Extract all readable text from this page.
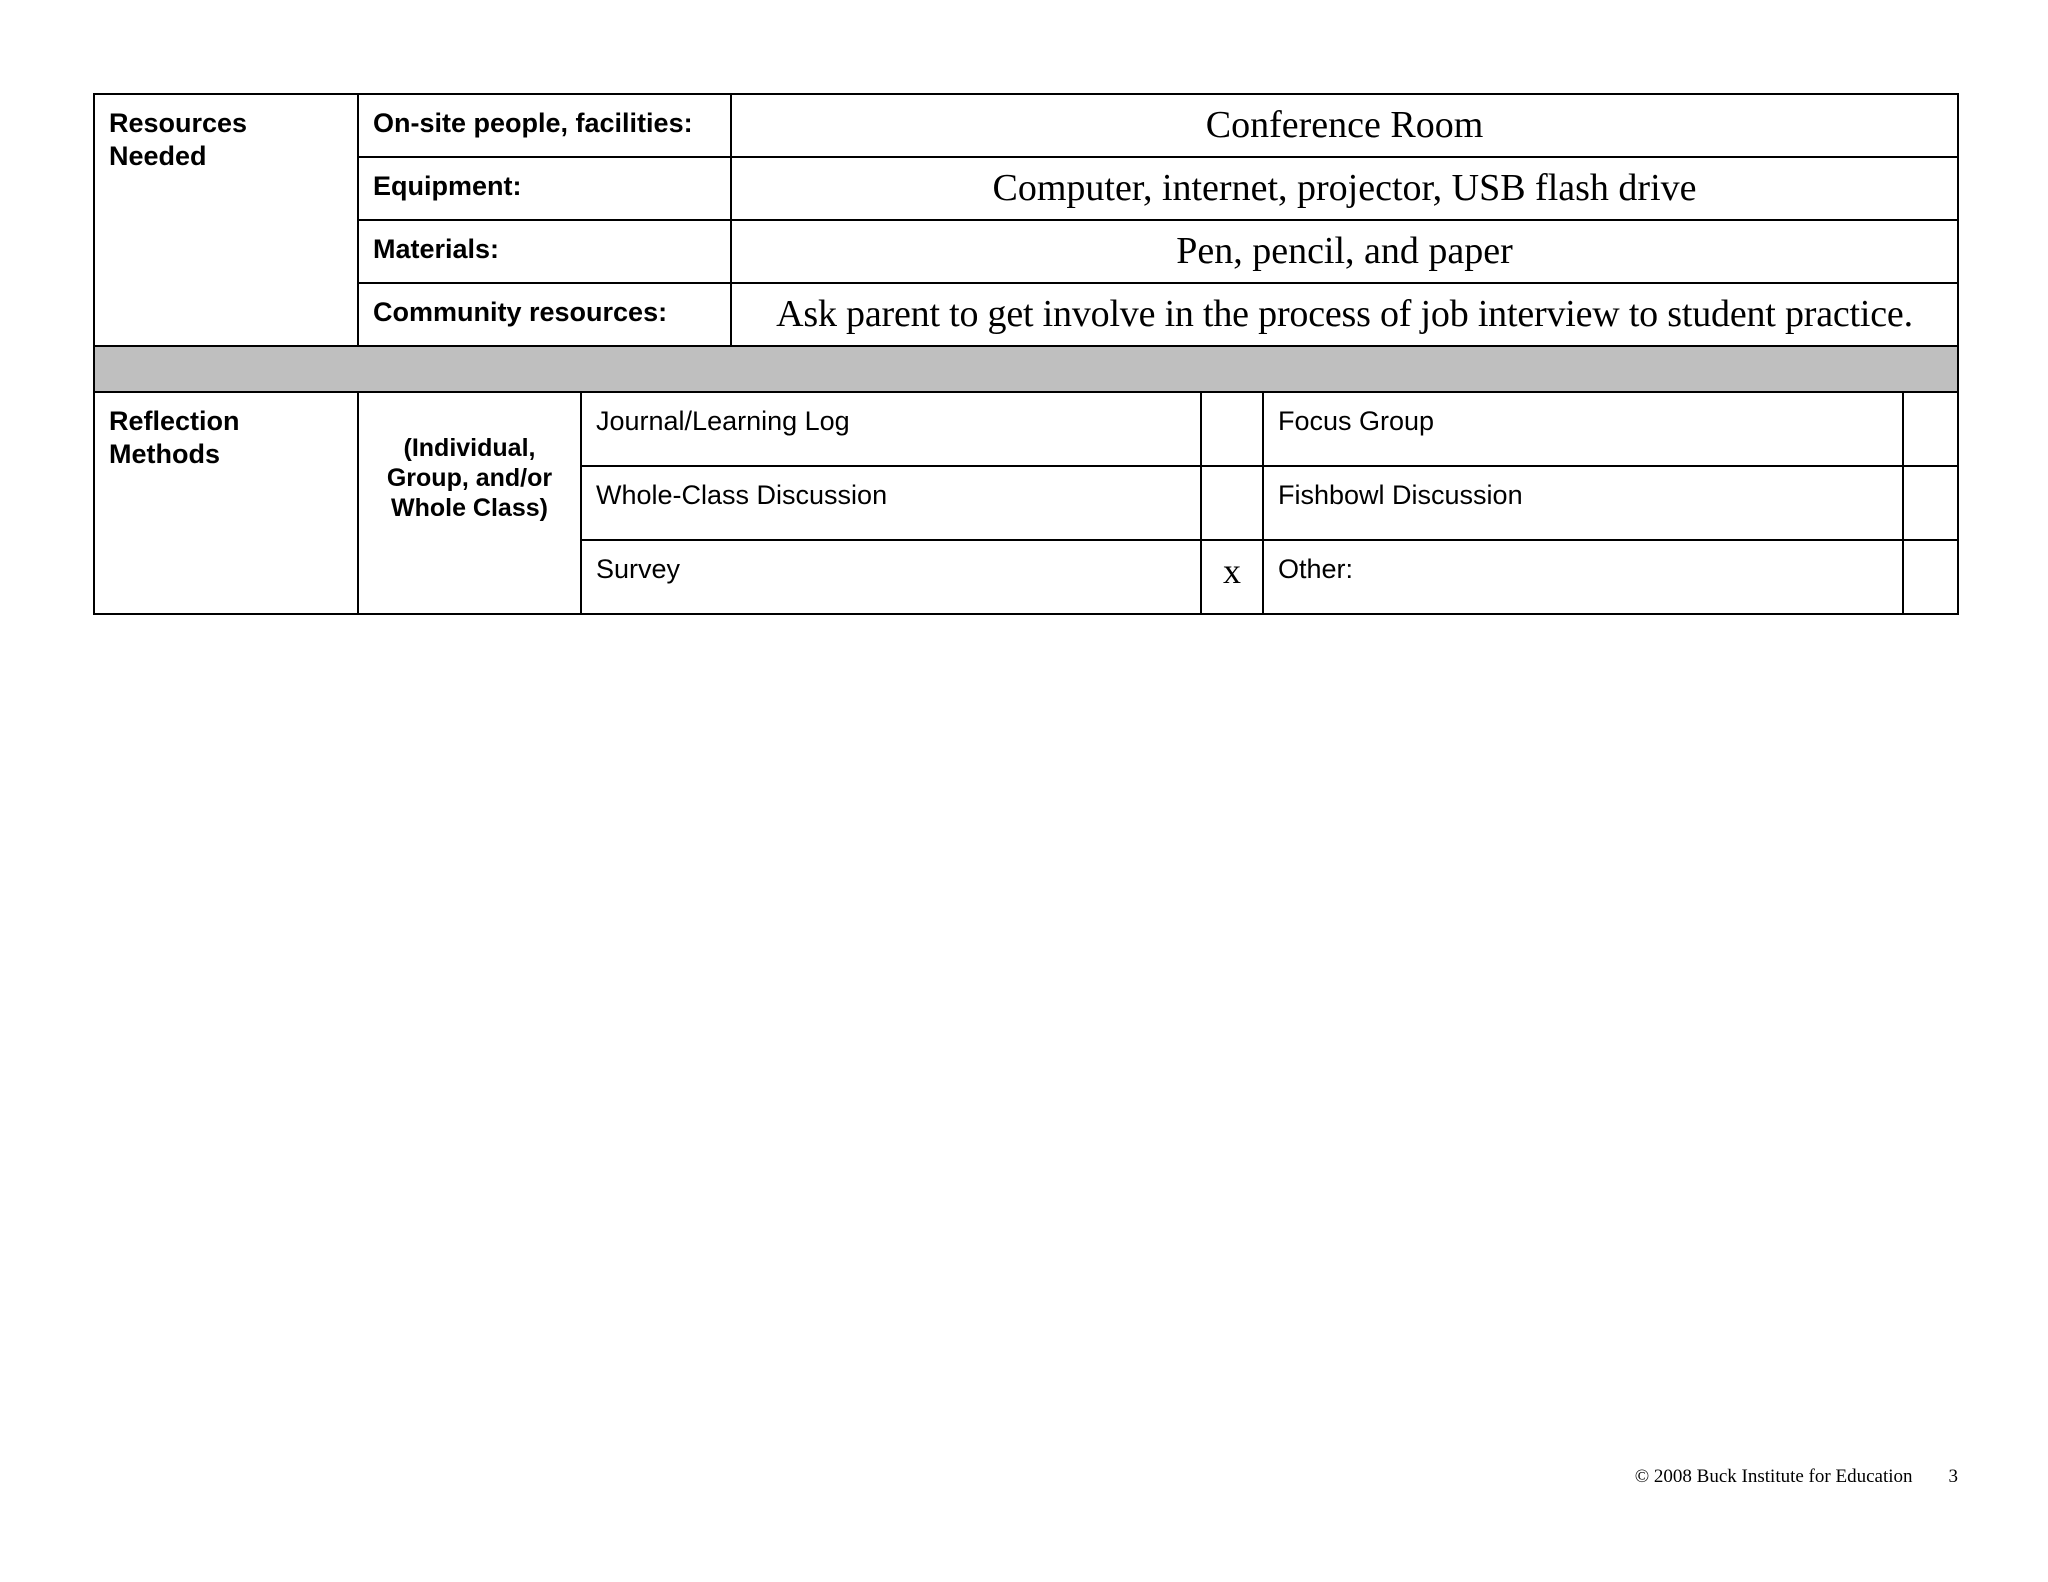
Resources Needed	On-site people, facilities:	Conference Room
Equipment:	Computer, internet, projector, USB flash drive
Materials:	Pen, pencil, and paper
Community resources:	Ask parent to get involve in the process of job interview to student practice.

Reflection Methods	(Individual, Group, and/or Whole Class)	
Journal/Learning Log		Focus Group	
Whole-Class Discussion		Fishbowl Discussion	
Survey	x	Other:	
© 2008 Buck Institute for Education 3
